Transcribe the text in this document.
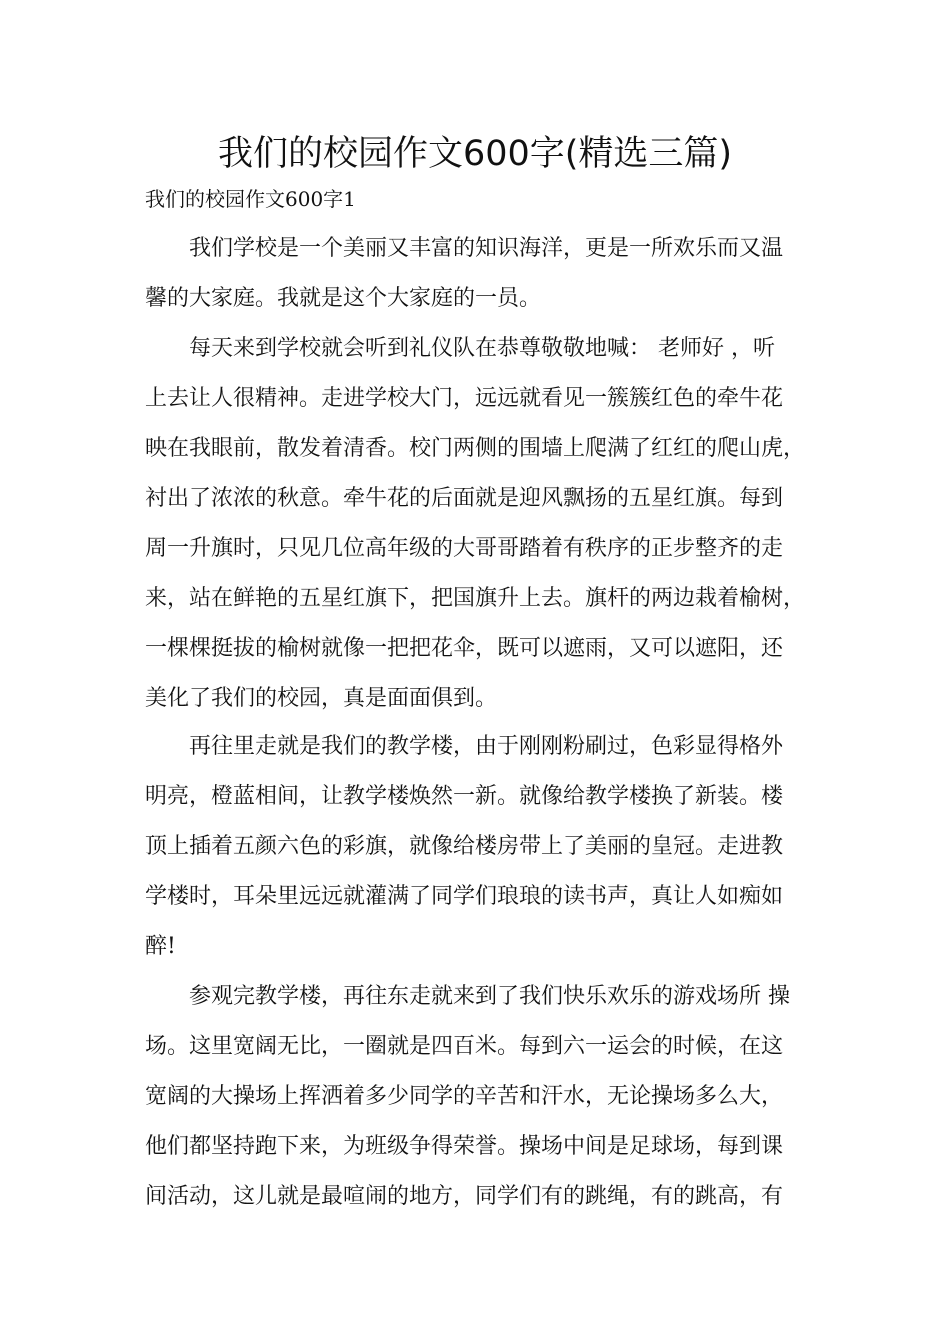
我们的校园作文600字(精选三篇)

我们的校园作文600字1

我们学校是一个美丽又丰富的知识海洋，更是一所欢乐而又温
馨的大家庭。我就是这个大家庭的一员。
每天来到学校就会听到礼仪队在恭尊敬敬地喊： 老师好 ，听
上去让人很精神。走进学校大门，远远就看见一簇簇红色的牵牛花
映在我眼前，散发着清香。校门两侧的围墙上爬满了红红的爬山虎，
衬出了浓浓的秋意。牵牛花的后面就是迎风飘扬的五星红旗。每到
周一升旗时，只见几位高年级的大哥哥踏着有秩序的正步整齐的走
来，站在鲜艳的五星红旗下，把国旗升上去。旗杆的两边栽着榆树，
一棵棵挺拔的榆树就像一把把花伞，既可以遮雨，又可以遮阳，还
美化了我们的校园，真是面面俱到。
再往里走就是我们的教学楼，由于刚刚粉刷过，色彩显得格外
明亮，橙蓝相间，让教学楼焕然一新。就像给教学楼换了新装。楼
顶上插着五颜六色的彩旗，就像给楼房带上了美丽的皇冠。走进教
学楼时，耳朵里远远就灌满了同学们琅琅的读书声，真让人如痴如
醉!
参观完教学楼，再往东走就来到了我们快乐欢乐的游戏场所 操
场。这里宽阔无比，一圈就是四百米。每到六一运会的时候，在这
宽阔的大操场上挥洒着多少同学的辛苦和汗水，无论操场多么大，
他们都坚持跑下来，为班级争得荣誉。操场中间是足球场，每到课
间活动，这儿就是最喧闹的地方，同学们有的跳绳，有的跳高，有
